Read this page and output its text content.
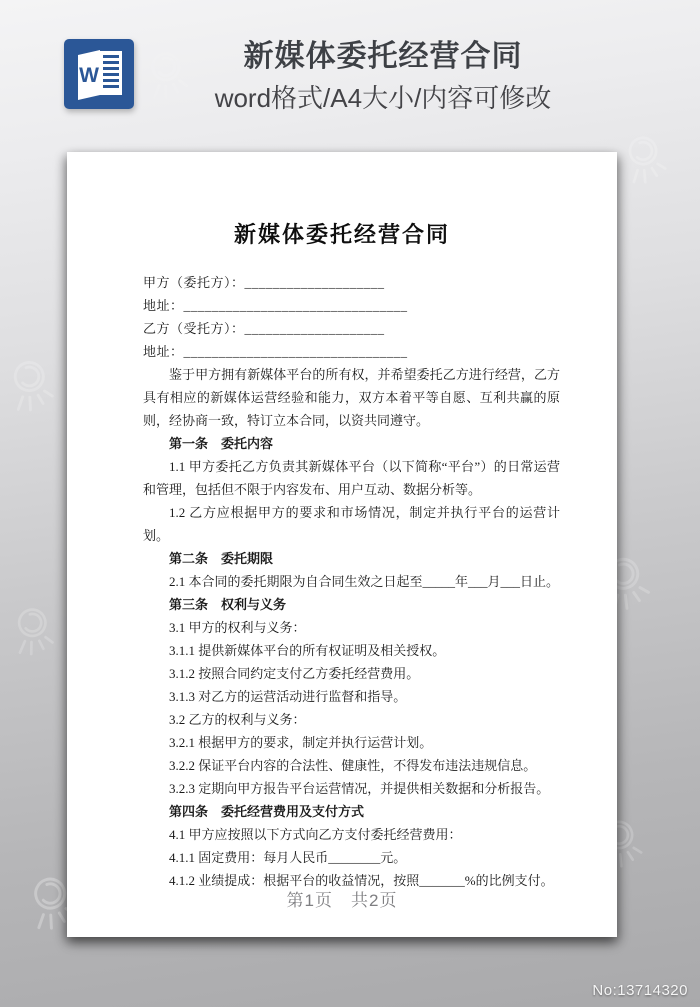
W
新媒体委托经营合同
word格式/A4大小/内容可修改
新媒体委托经营合同

甲方（委托方）：____________________

地址：________________________________

乙方（受托方）：____________________

地址：________________________________

鉴于甲方拥有新媒体平台的所有权，并希望委托乙方进行经营，乙方具有相应的新媒体运营经验和能力，双方本着平等自愿、互利共赢的原则，经协商一致，特订立本合同，以资共同遵守。

第一条　委托内容

1.1 甲方委托乙方负责其新媒体平台（以下简称“平台”）的日常运营和管理，包括但不限于内容发布、用户互动、数据分析等。

1.2 乙方应根据甲方的要求和市场情况，制定并执行平台的运营计划。

第二条　委托期限

2.1 本合同的委托期限为自合同生效之日起至_____年___月___日止。

第三条　权利与义务

3.1 甲方的权利与义务：

3.1.1 提供新媒体平台的所有权证明及相关授权。

3.1.2 按照合同约定支付乙方委托经营费用。

3.1.3 对乙方的运营活动进行监督和指导。

3.2 乙方的权利与义务：

3.2.1 根据甲方的要求，制定并执行运营计划。

3.2.2 保证平台内容的合法性、健康性，不得发布违法违规信息。

3.2.3 定期向甲方报告平台运营情况，并提供相关数据和分析报告。

第四条　委托经营费用及支付方式

4.1 甲方应按照以下方式向乙方支付委托经营费用：

4.1.1 固定费用：每月人民币________元。

4.1.2 业绩提成：根据平台的收益情况，按照_______%的比例支付。

第1页　共2页
No:13714320
